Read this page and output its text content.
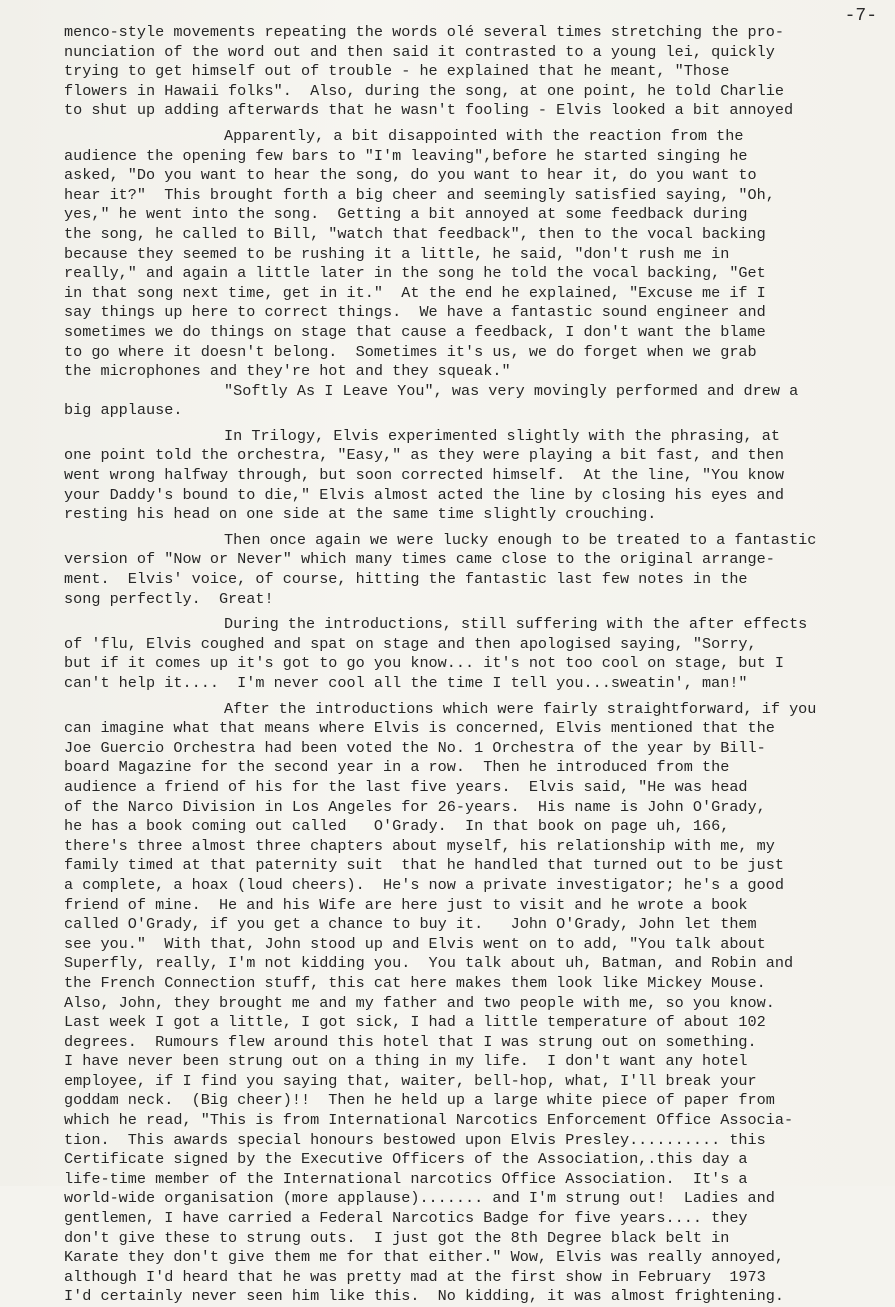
-7-
menco-style movements repeating the words olé several times stretching the pro-
nunciation of the word out and then said it contrasted to a young lei, quickly
trying to get himself out of trouble - he explained that he meant, "Those
flowers in Hawaii folks".  Also, during the song, at one point, he told Charlie
to shut up adding afterwards that he wasn't fooling - Elvis looked a bit annoyed
Apparently, a bit disappointed with the reaction from the
audience the opening few bars to "I'm leaving",before he started singing he
asked, "Do you want to hear the song, do you want to hear it, do you want to
hear it?"  This brought forth a big cheer and seemingly satisfied saying, "Oh,
yes," he went into the song.  Getting a bit annoyed at some feedback during
the song, he called to Bill, "watch that feedback", then to the vocal backing
because they seemed to be rushing it a little, he said, "don't rush me in
really," and again a little later in the song he told the vocal backing, "Get
in that song next time, get in it."  At the end he explained, "Excuse me if I
say things up here to correct things.  We have a fantastic sound engineer and
sometimes we do things on stage that cause a feedback, I don't want the blame
to go where it doesn't belong.  Sometimes it's us, we do forget when we grab
the microphones and they're hot and they squeak."
"Softly As I Leave You", was very movingly performed and drew a
big applause.
In Trilogy, Elvis experimented slightly with the phrasing, at
one point told the orchestra, "Easy," as they were playing a bit fast, and then
went wrong halfway through, but soon corrected himself.  At the line, "You know
your Daddy's bound to die," Elvis almost acted the line by closing his eyes and
resting his head on one side at the same time slightly crouching.
Then once again we were lucky enough to be treated to a fantastic
version of "Now or Never" which many times came close to the original arrange-
ment.  Elvis' voice, of course, hitting the fantastic last few notes in the
song perfectly.  Great!
During the introductions, still suffering with the after effects
of 'flu, Elvis coughed and spat on stage and then apologised saying, "Sorry,
but if it comes up it's got to go you know... it's not too cool on stage, but I
can't help it....  I'm never cool all the time I tell you...sweatin', man!"
After the introductions which were fairly straightforward, if you
can imagine what that means where Elvis is concerned, Elvis mentioned that the
Joe Guercio Orchestra had been voted the No. 1 Orchestra of the year by Bill-
board Magazine for the second year in a row.  Then he introduced from the
audience a friend of his for the last five years.  Elvis said, "He was head
of the Narco Division in Los Angeles for 26-years.  His name is John O'Grady,
he has a book coming out called   O'Grady.  In that book on page uh, 166,
there's three almost three chapters about myself, his relationship with me, my
family timed at that paternity suit  that he handled that turned out to be just
a complete, a hoax (loud cheers).  He's now a private investigator; he's a good
friend of mine.  He and his Wife are here just to visit and he wrote a book
called O'Grady, if you get a chance to buy it.   John O'Grady, John let them
see you."  With that, John stood up and Elvis went on to add, "You talk about
Superfly, really, I'm not kidding you.  You talk about uh, Batman, and Robin and
the French Connection stuff, this cat here makes them look like Mickey Mouse.
Also, John, they brought me and my father and two people with me, so you know.
Last week I got a little, I got sick, I had a little temperature of about 102
degrees.  Rumours flew around this hotel that I was strung out on something.
I have never been strung out on a thing in my life.  I don't want any hotel
employee, if I find you saying that, waiter, bell-hop, what, I'll break your
goddam neck.  (Big cheer)!!  Then he held up a large white piece of paper from
which he read, "This is from International Narcotics Enforcement Office Associa-
tion.  This awards special honours bestowed upon Elvis Presley.......... this
Certificate signed by the Executive Officers of the Association,.this day a
life-time member of the International narcotics Office Association.  It's a
world-wide organisation (more applause)....... and I'm strung out!  Ladies and
gentlemen, I have carried a Federal Narcotics Badge for five years.... they
don't give these to strung outs.  I just got the 8th Degree black belt in
Karate they don't give them me for that either." Wow, Elvis was really annoyed,
although I'd heard that he was pretty mad at the first show in February  1973
I'd certainly never seen him like this.  No kidding, it was almost frightening.
